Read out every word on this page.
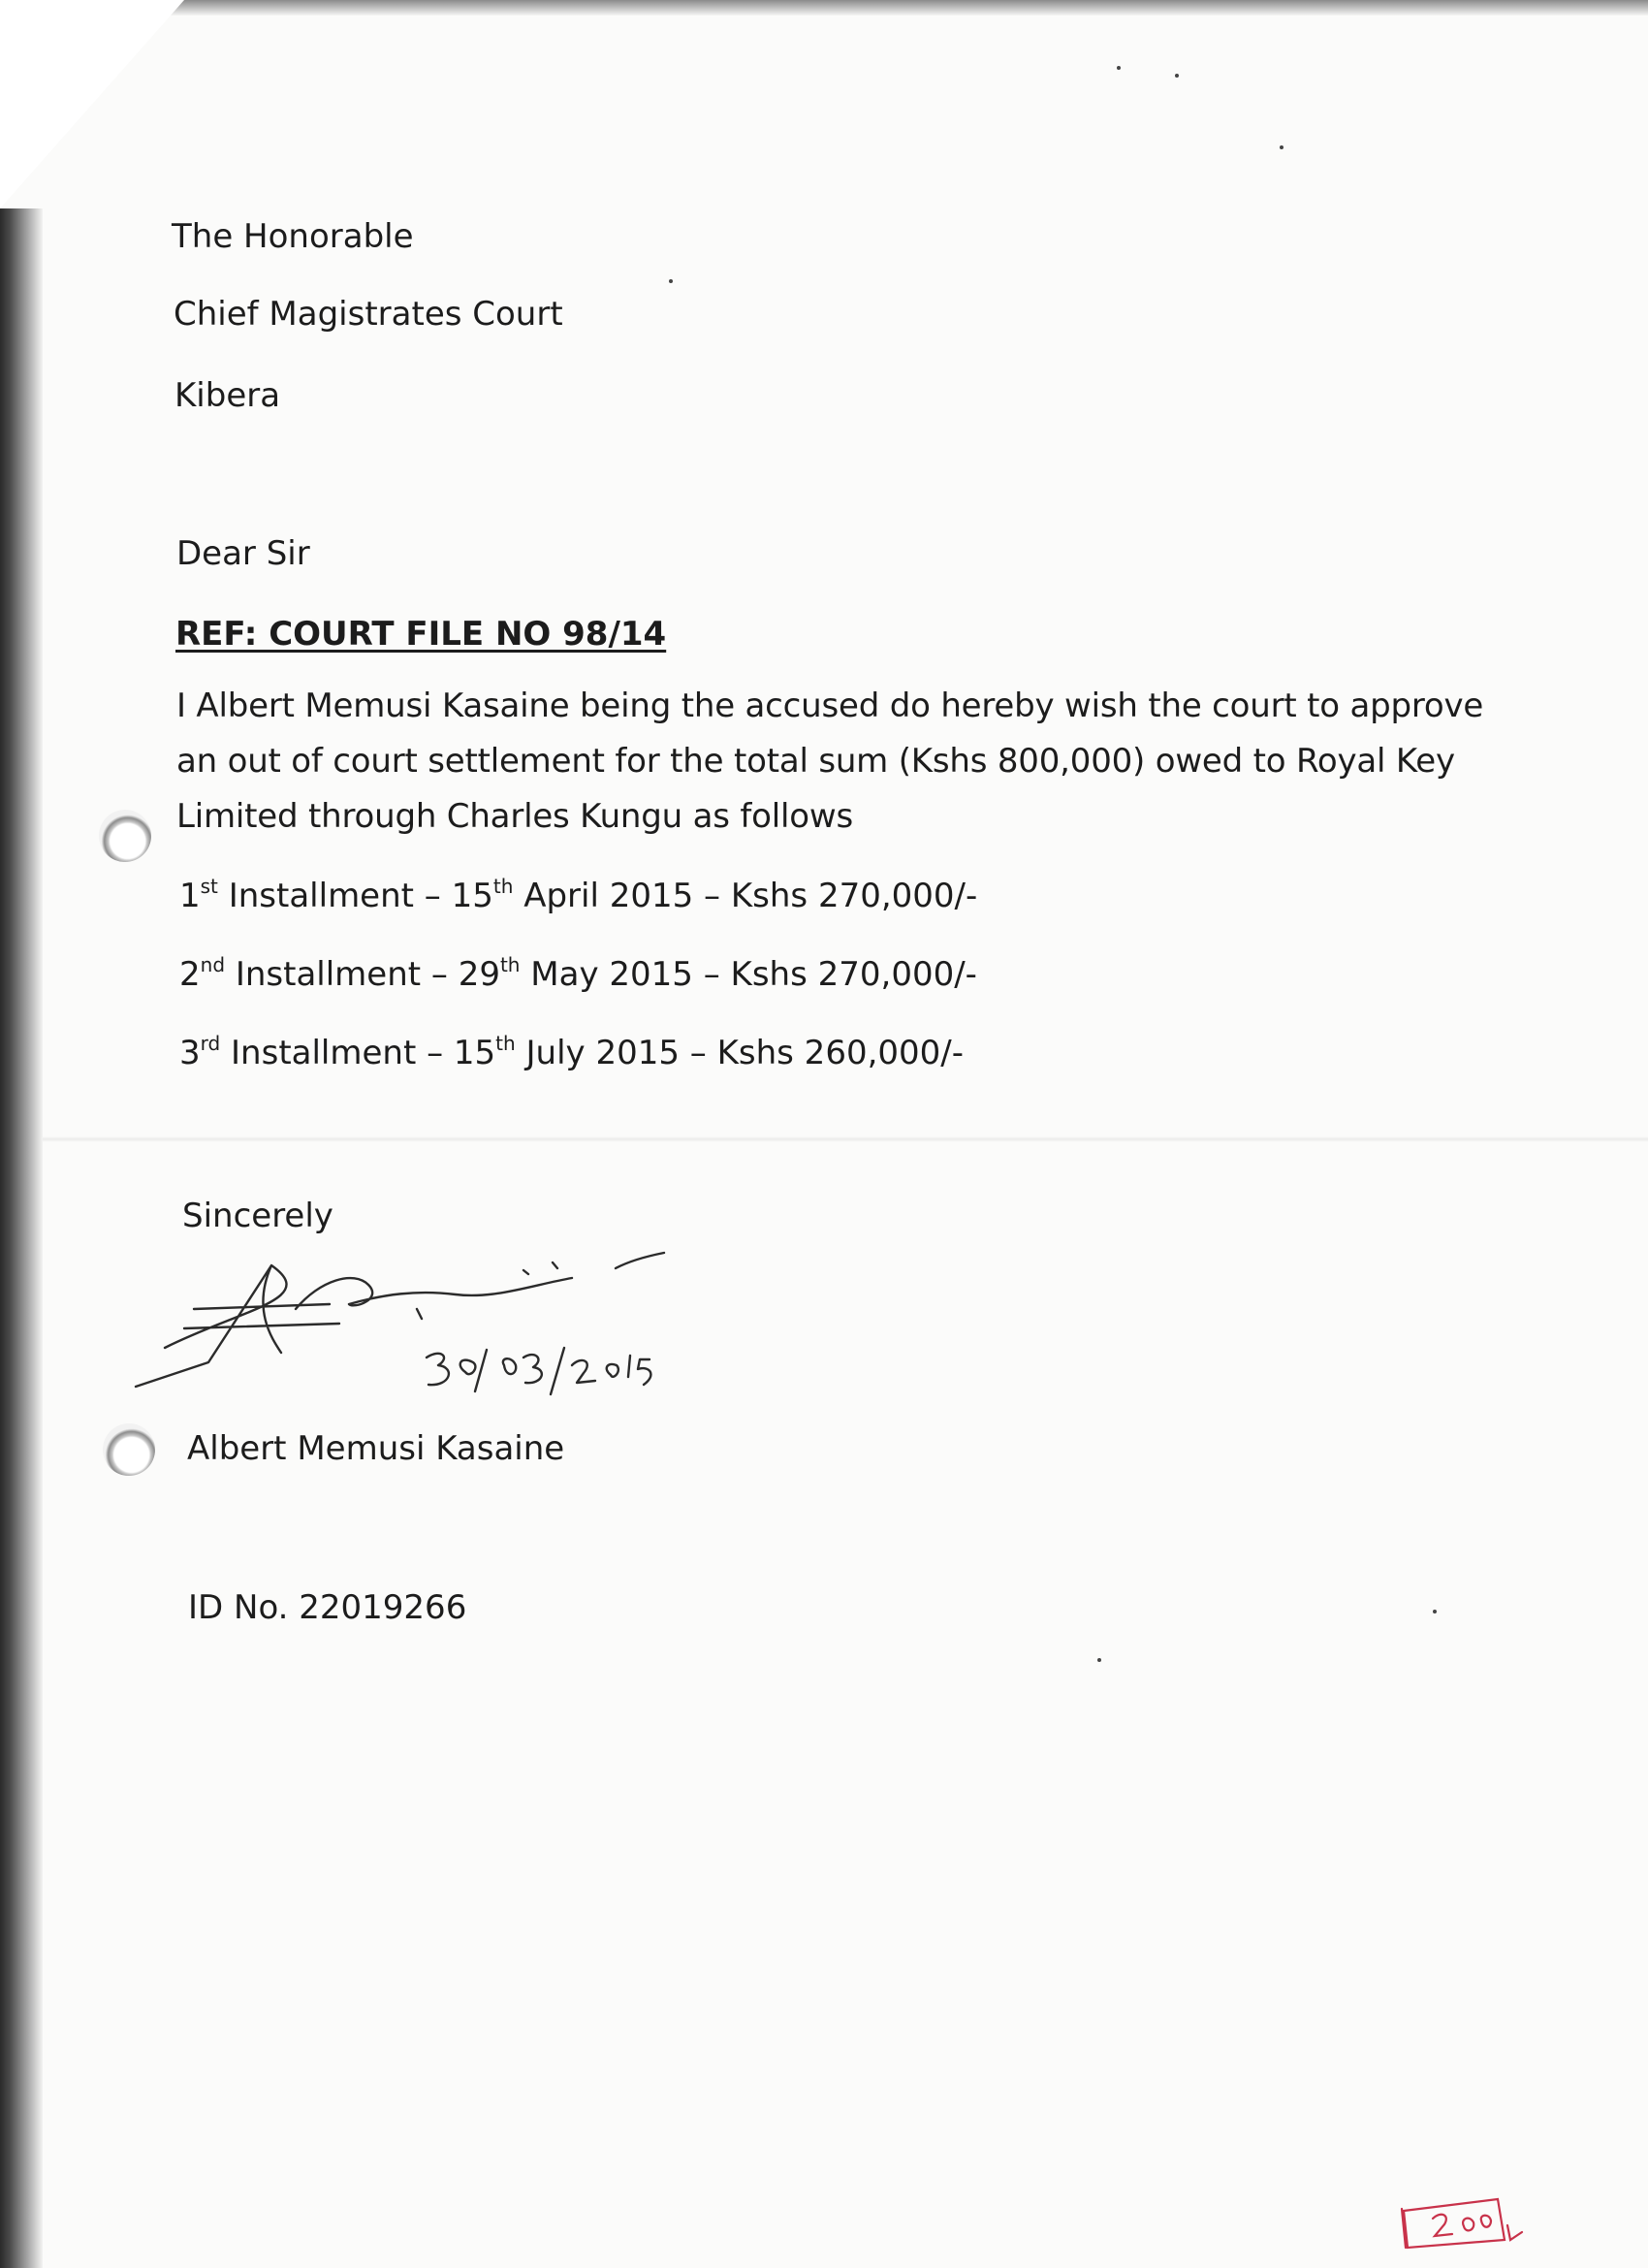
The Honorable

Chief Magistrates Court

Kibera

Dear Sir

REF: COURT FILE NO 98/14

I Albert Memusi Kasaine being the accused do hereby wish the court to approve
an out of court settlement for the total sum (Kshs 800,000) owed to Royal Key
Limited through Charles Kungu as follows

1st Installment – 15th April 2015 – Kshs 270,000/-

2nd Installment – 29th May 2015 – Kshs 270,000/-

3rd Installment – 15th July 2015 – Kshs 260,000/-

Sincerely

Albert Memusi Kasaine

ID No. 22019266
